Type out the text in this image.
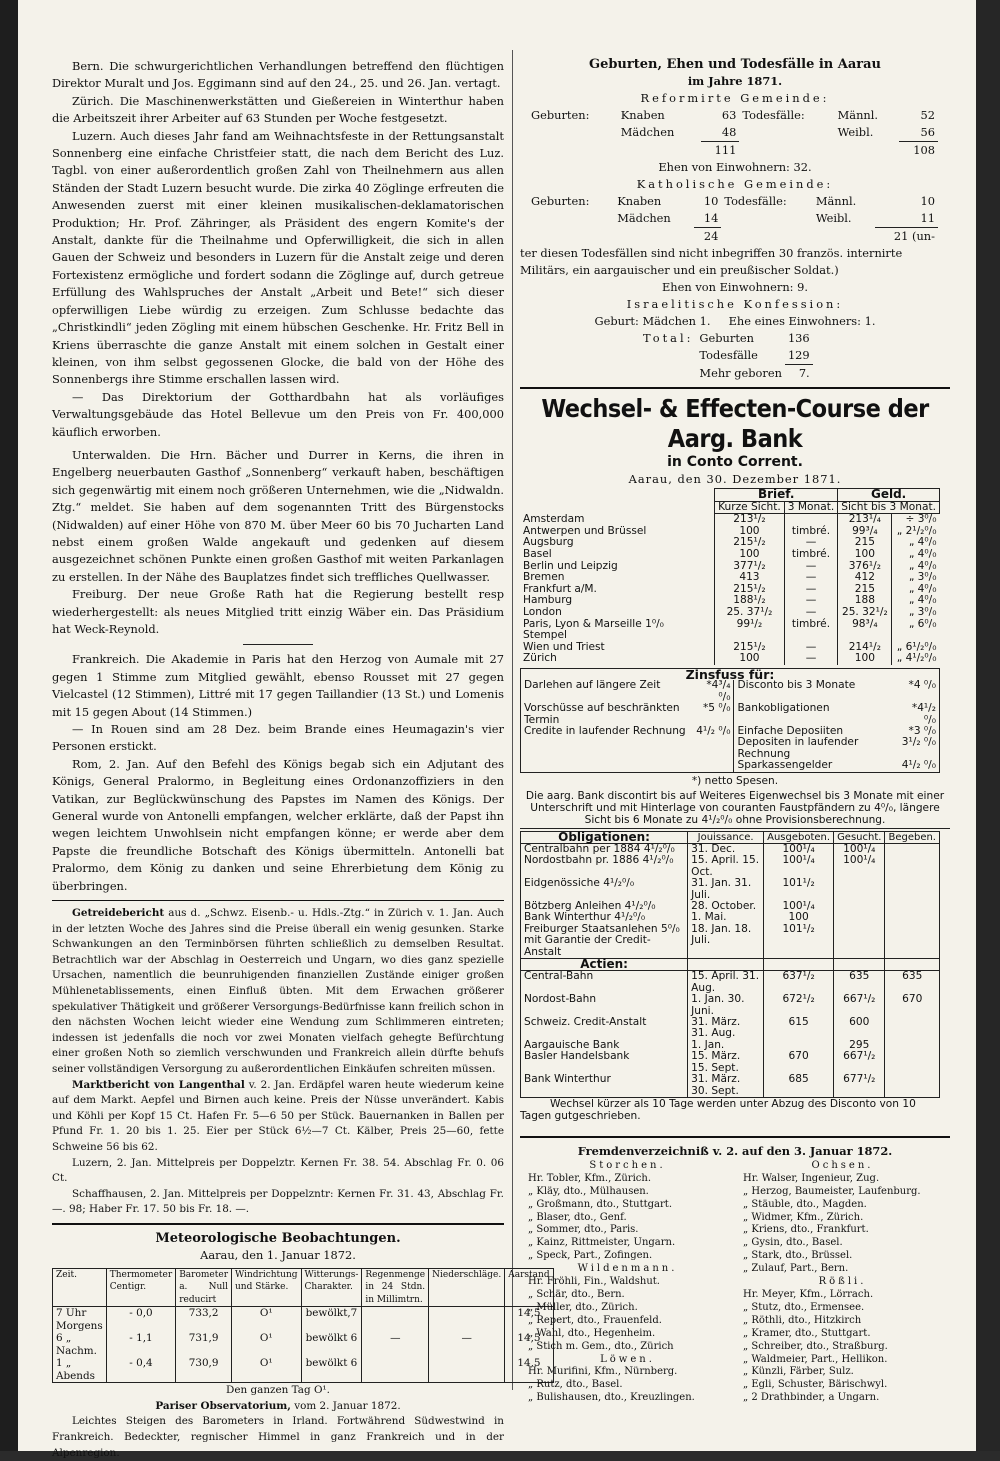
Bern. Die schwurgerichtlichen Verhandlungen betreffend den flüchtigen Direktor Muralt und Jos. Eggimann sind auf den 24., 25. und 26. Jan. vertagt.

Zürich. Die Maschinenwerkstätten und Gießereien in Winterthur haben die Arbeitszeit ihrer Arbeiter auf 63 Stunden per Woche festgesetzt.

Luzern. Auch dieses Jahr fand am Weihnachtsfeste in der Rettungsanstalt Sonnenberg eine einfache Christfeier statt, die nach dem Bericht des Luz. Tagbl. von einer außerordentlich großen Zahl von Theilnehmern aus allen Ständen der Stadt Luzern besucht wurde. Die zirka 40 Zöglinge erfreuten die Anwesenden zuerst mit einer kleinen musikalischen-deklamatorischen Produktion; Hr. Prof. Zähringer, als Präsident des engern Komite's der Anstalt, dankte für die Theilnahme und Opferwilligkeit, die sich in allen Gauen der Schweiz und besonders in Luzern für die Anstalt zeige und deren Fortexistenz ermögliche und fordert sodann die Zöglinge auf, durch getreue Erfüllung des Wahlspruches der Anstalt „Arbeit und Bete!“ sich dieser opferwilligen Liebe würdig zu erzeigen. Zum Schlusse bedachte das „Christkindli“ jeden Zögling mit einem hübschen Geschenke. Hr. Fritz Bell in Kriens überraschte die ganze Anstalt mit einem solchen in Gestalt einer kleinen, von ihm selbst gegossenen Glocke, die bald von der Höhe des Sonnenbergs ihre Stimme erschallen lassen wird.

— Das Direktorium der Gotthardbahn hat als vorläufiges Verwaltungsgebäude das Hotel Bellevue um den Preis von Fr. 400,000 käuflich erworben.

Unterwalden. Die Hrn. Bächer und Durrer in Kerns, die ihren in Engelberg neuerbauten Gasthof „Sonnenberg“ verkauft haben, beschäftigen sich gegenwärtig mit einem noch größeren Unternehmen, wie die „Nidwaldn. Ztg.“ meldet. Sie haben auf dem sogenannten Tritt des Bürgenstocks (Nidwalden) auf einer Höhe von 870 M. über Meer 60 bis 70 Jucharten Land nebst einem großen Walde angekauft und gedenken auf diesem ausgezeichnet schönen Punkte einen großen Gasthof mit weiten Parkanlagen zu erstellen. In der Nähe des Bauplatzes findet sich treffliches Quellwasser.

Freiburg. Der neue Große Rath hat die Regierung bestellt resp wiederhergestellt: als neues Mitglied tritt einzig Wäber ein. Das Präsidium hat Weck-Reynold.

Frankreich. Die Akademie in Paris hat den Herzog von Aumale mit 27 gegen 1 Stimme zum Mitglied gewählt, ebenso Rousset mit 27 gegen Vielcastel (12 Stimmen), Littré mit 17 gegen Taillandier (13 St.) und Lomenis mit 15 gegen About (14 Stimmen.)

— In Rouen sind am 28 Dez. beim Brande eines Heumagazin's vier Personen erstickt.

Rom, 2. Jan. Auf den Befehl des Königs begab sich ein Adjutant des Königs, General Pralormo, in Begleitung eines Ordonanzoffiziers in den Vatikan, zur Beglückwünschung des Papstes im Namen des Königs. Der General wurde von Antonelli empfangen, welcher erklärte, daß der Papst ihn wegen leichtem Unwohlsein nicht empfangen könne; er werde aber dem Papste die freundliche Botschaft des Königs übermitteln. Antonelli bat Pralormo, dem König zu danken und seine Ehrerbietung dem König zu überbringen.

Getreidebericht aus d. „Schwz. Eisenb.- u. Hdls.-Ztg.“ in Zürich v. 1. Jan. Auch in der letzten Woche des Jahres sind die Preise überall ein wenig gesunken. Starke Schwankungen an den Terminbörsen führten schließlich zu demselben Resultat. Betrachtlich war der Abschlag in Oesterreich und Ungarn, wo dies ganz spezielle Ursachen, namentlich die beunruhigenden finanziellen Zustände einiger großen Mühlenetablissements, einen Einfluß übten. Mit dem Erwachen größerer spekulativer Thätigkeit und größerer Versorgungs-Bedürfnisse kann freilich schon in den nächsten Wochen leicht wieder eine Wendung zum Schlimmeren eintreten; indessen ist jedenfalls die noch vor zwei Monaten vielfach gehegte Befürchtung einer großen Noth so ziemlich verschwunden und Frankreich allein dürfte behufs seiner vollständigen Versorgung zu außerordentlichen Einkäufen schreiten müssen.

Marktbericht von Langenthal v. 2. Jan. Erdäpfel waren heute wiederum keine auf dem Markt. Aepfel und Birnen auch keine. Preis der Nüsse unverändert. Kabis und Köhli per Kopf 15 Ct. Hafen Fr. 5—6 50 per Stück. Bauernanken in Ballen per Pfund Fr. 1. 20 bis 1. 25. Eier per Stück 6½—7 Ct. Kälber, Preis 25—60, fette Schweine 56 bis 62.

Luzern, 2. Jan. Mittelpreis per Doppelztr. Kernen Fr. 38. 54. Abschlag Fr. 0. 06 Ct.

Schaffhausen, 2. Jan. Mittelpreis per Doppelzntr: Kernen Fr. 31. 43, Abschlag Fr. —. 98; Haber Fr. 17. 50 bis Fr. 18. —.

Meteorologische Beobachtungen.

Aarau, den 1. Januar 1872.

Zeit.	Thermometer Centigr.	Barometer a. Null reducirt	Windrichtung und Stärke.	Witterungs-Charakter.	Regenmenge in 24 Stdn. in Millimtrn.	Niederschläge.	Aarstand
7 Uhr Morgens	- 0,0	733,2	O¹	bewölkt,7			14,5
6 „ Nachm.	- 1,1	731,9	O¹	bewölkt 6	—	—	14,5
1 „ Abends	- 0,4	730,9	O¹	bewölkt 6			14,5

Den ganzen Tag O¹.

Pariser Observatorium, vom 2. Januar 1872.

Leichtes Steigen des Barometers in Irland. Fortwährend Südwestwind in Frankreich. Bedeckter, regnischer Himmel in ganz Frankreich und in der Alpenregion.

Geburten, Ehen und Todesfälle in Aarau

im Jahre 1871.

Reformirte Gemeinde:

Geburten:	Knaben	63	Todesfälle:	Männl.	52
	Mädchen	48		Weibl.	56
		111			108

Ehen von Einwohnern: 32.

Katholische Gemeinde:

Geburten:	Knaben	10	Todesfälle:	Männl.	10
	Mädchen	14		Weibl.	11
		24			21 (un-

ter diesen Todesfällen sind nicht inbegriffen 30 französ. internirte Militärs, ein aargauischer und ein preußischer Soldat.)

Ehen von Einwohnern: 9.

Israelitische Konfession:

Geburt: Mädchen 1.     Ehe eines Einwohners: 1.

Total:	Geburten	136
	Todesfälle	129
	Mehr geboren	7.
Wechsel- & Effecten-Course der Aarg. Bank

in Conto Corrent.

Aarau, den 30. Dezember 1871.

	Brief.		Geld.	
	Kurze Sicht.	3 Monat.	Sicht bis 3 Monat.	
Amsterdam	213¹/₂		213¹/₄	÷ 3⁰/₀
Antwerpen und Brüssel	100	timbré.	99³/₄	„ 2¹/₂⁰/₀
Augsburg	215¹/₂	—	215	„ 4⁰/₀
Basel	100	timbré.	100	„ 4⁰/₀
Berlin und Leipzig	377¹/₂	—	376¹/₂	„ 4⁰/₀
Bremen	413	—	412	„ 3⁰/₀
Frankfurt a/M.	215¹/₂	—	215	„ 4⁰/₀
Hamburg	188¹/₂	—	188	„ 4⁰/₀
London	25. 37¹/₂	—	25. 32¹/₂	„ 3⁰/₀
Paris, Lyon & Marseille 1⁰/₀ Stempel	99¹/₂	timbré.	98³/₄	„ 6⁰/₀
Wien und Triest	215¹/₂	—	214¹/₂	„ 6¹/₂⁰/₀
Zürich	100	—	100	„ 4¹/₂⁰/₀
Zinsfuss für:			
Darlehen auf längere Zeit	*4³/₄ ⁰/₀	Disconto bis 3 Monate	*4 ⁰/₀
Vorschüsse auf beschränkten Termin	*5 ⁰/₀	Bankobligationen	*4¹/₂ ⁰/₀
Credite in laufender Rechnung	4¹/₂ ⁰/₀	Einfache Deposiiten	*3 ⁰/₀
		Depositen in laufender Rechnung	3¹/₂ ⁰/₀
		Sparkassengelder	4¹/₂ ⁰/₀

*) netto Spesen.

Die aarg. Bank discontirt bis auf Weiteres Eigenwechsel bis 3 Monate mit einer Unterschrift und mit Hinterlage von couranten Faustpfändern zu 4⁰/₀, längere Sicht bis 6 Monate zu 4¹/₂⁰/₀ ohne Provisionsberechnung.

Obligationen:	Jouissance.	Ausgeboten.	Gesucht.	Begeben.
Centralbahn per 1884 4¹/₂⁰/₀	31. Dec.	100¹/₄	100¹/₄	
Nordostbahn pr. 1886 4¹/₂⁰/₀	15. April. 15. Oct.	100¹/₄	100¹/₄	
Eidgenössiche 4¹/₂⁰/₀	31. Jan. 31. Juli.	101¹/₂		
Bötzberg Anleihen 4¹/₂⁰/₀	28. October.	100¹/₄		
Bank Winterthur 4¹/₂⁰/₀	1. Mai.	100		
Freiburger Staatsanlehen 5⁰/₀ mit Garantie der Credit-Anstalt	18. Jan. 18. Juli.	101¹/₂		
Actien:				
Central-Bahn	15. April. 31. Aug.	637¹/₂	635	635
Nordost-Bahn	1. Jan. 30. Juni.	672¹/₂	667¹/₂	670
Schweiz. Credit-Anstalt	31. März. 31. Aug.	615	600	
Aargauische Bank	1. Jan.		295	
Basler Handelsbank	15. März. 15. Sept.	670	667¹/₂	
Bank Winterthur	31. März. 30. Sept.	685	677¹/₂	

Wechsel kürzer als 10 Tage werden unter Abzug des Disconto von 10 Tagen gutgeschrieben.

Fremdenverzeichniß v. 2. auf den 3. Januar 1872.

Storchen.

Hr. Tobler, Kfm., Zürich.

„ Kläy, dto., Mülhausen.

„ Großmann, dto., Stuttgart.

„ Blaser, dto., Genf.

„ Sommer, dto., Paris.

„ Kainz, Rittmeister, Ungarn.

„ Speck, Part., Zofingen.

Wildenmann.

Hr. Fröhli, Fin., Waldshut.

„ Schär, dto., Bern.

„ Müller, dto., Zürich.

„ Repert, dto., Frauenfeld.

„ Wahl, dto., Hegenheim.

„ Stich m. Gem., dto., Zürich

Löwen.

Hr. Murifini, Kfm., Nürnberg.

„ Rutz, dto., Basel.

„ Bulishausen, dto., Kreuzlingen.

Ochsen.

Hr. Walser, Ingenieur, Zug.

„ Herzog, Baumeister, Laufenburg.

„ Stäuble, dto., Magden.

„ Widmer, Kfm., Zürich.

„ Kriens, dto., Frankfurt.

„ Gysin, dto., Basel.

„ Stark, dto., Brüssel.

„ Zulauf, Part., Bern.

Rößli.

Hr. Meyer, Kfm., Lörrach.

„ Stutz, dto., Ermensee.

„ Röthli, dto., Hitzkirch

„ Kramer, dto., Stuttgart.

„ Schreiber, dto., Straßburg.

„ Waldmeier, Part., Hellikon.

„ Künzli, Färber, Sulz.

„ Egli, Schuster, Bärischwyl.

„ 2 Drathbinder, a Ungarn.
